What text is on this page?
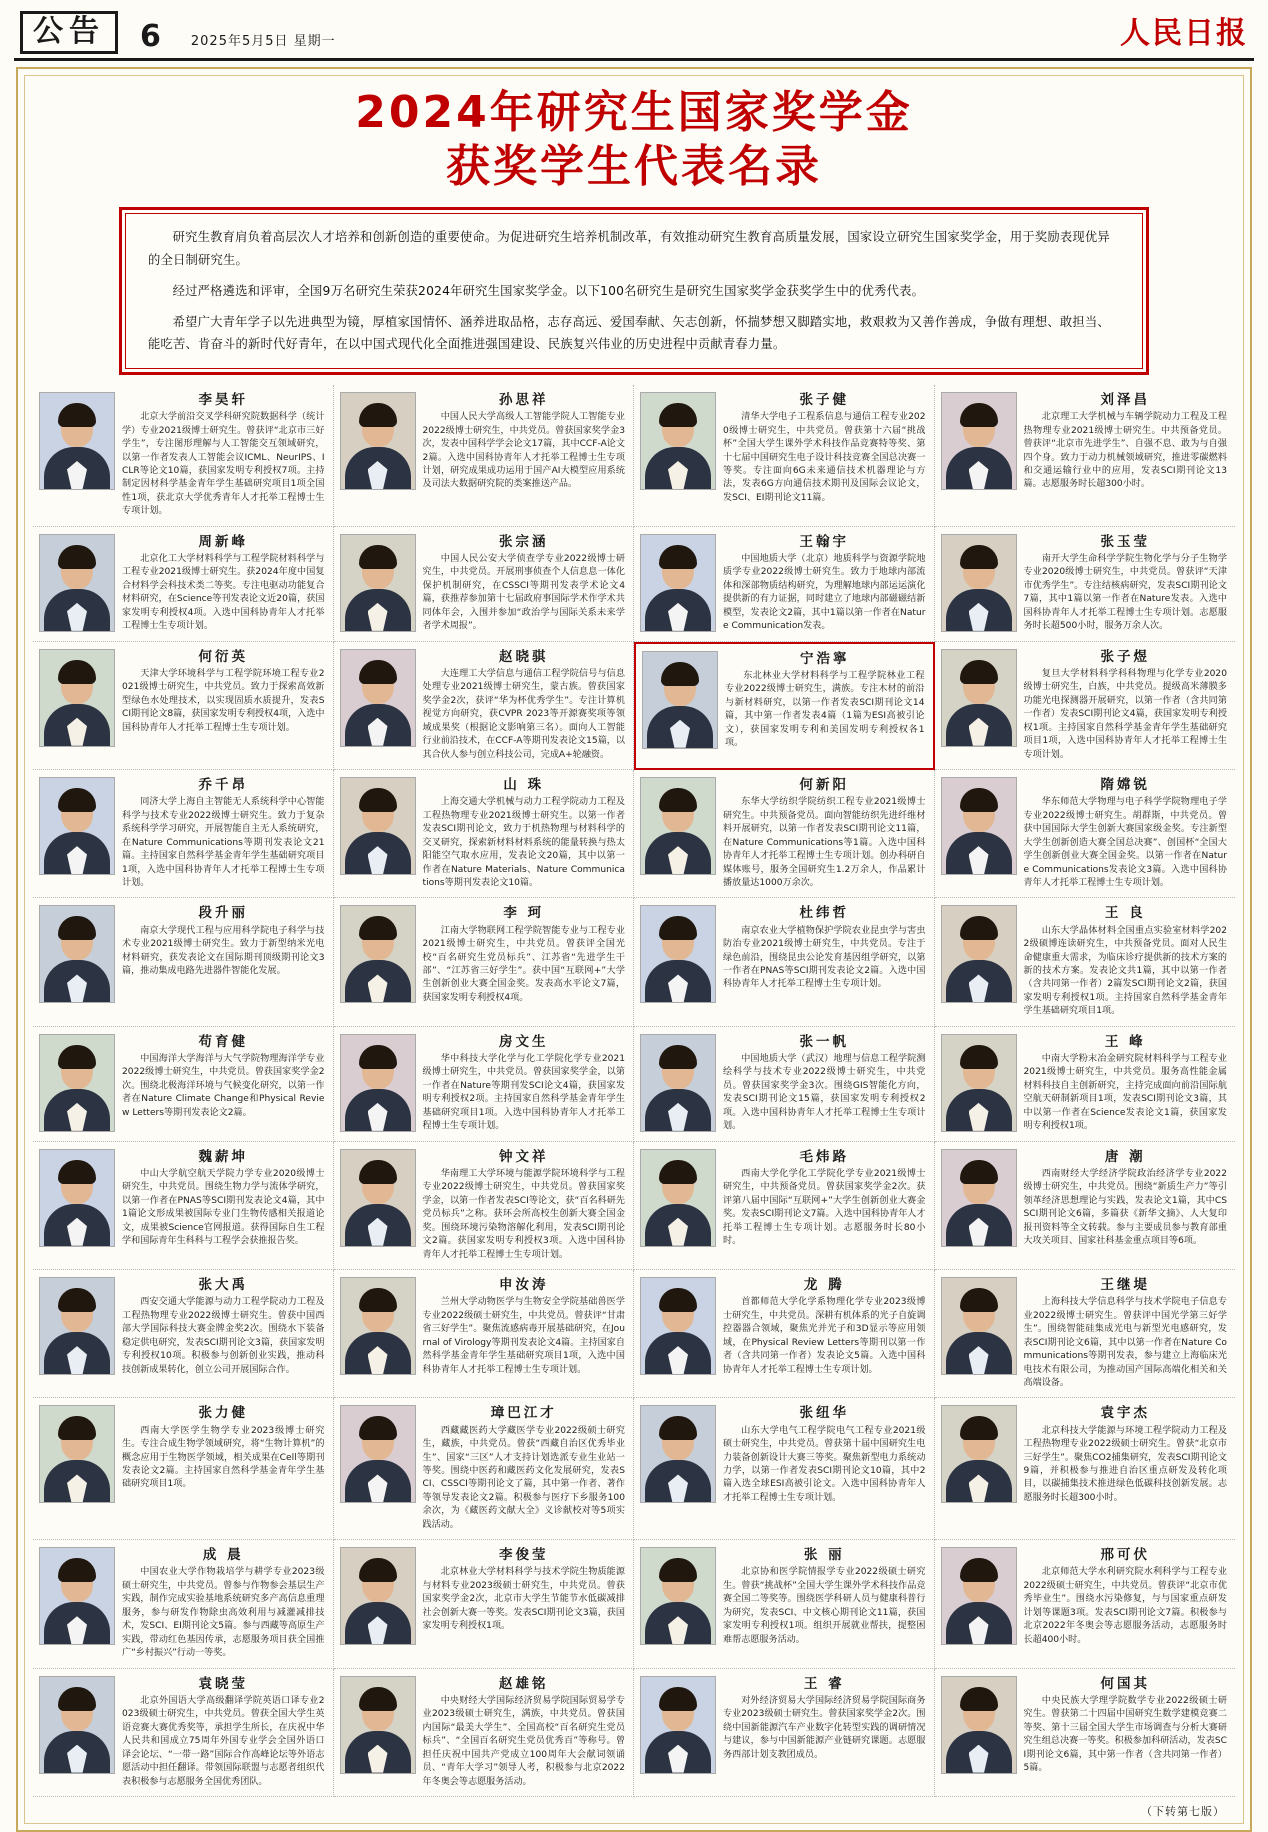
公告	6 2025年5月5日 星期一	人民日报
2024年研究生国家奖学金
获奖学生代表名录

研究生教育肩负着高层次人才培养和创新创造的重要使命。为促进研究生培养机制改革，有效推动研究生教育高质量发展，国家设立研究生国家奖学金，用于奖励表现优异的全日制研究生。

经过严格遴选和评审，全国9万名研究生荣获2024年研究生国家奖学金。以下100名研究生是研究生国家奖学金获奖学生中的优秀代表。

希望广大青年学子以先进典型为镜，厚植家国情怀、涵养进取品格，志存高远、爱国奉献、矢志创新，怀揣梦想又脚踏实地，救艰救为又善作善成，争做有理想、敢担当、能吃苦、肯奋斗的新时代好青年，在以中国式现代化全面推进强国建设、民族复兴伟业的历史进程中贡献青春力量。

李昊轩
北京大学前沿交叉学科研究院数据科学（统计学）专业2021级博士研究生。曾获评“北京市三好学生”，专注图形理解与人工智能交互领域研究，以第一作者发表人工智能会议ICML、NeurIPS、ICLR等论文10篇，获国家发明专利授权7项。主持制定因材科学基金青年学生基础研究项目1项全国性1项，获北京大学优秀青年人才托举工程博士生专项计划。
孙思祥
中国人民大学高级人工智能学院人工智能专业2022级博士研究生，中共党员。曾获国家奖学金3次，发表中国科学学会论文17篇，其中CCF-A论文2篇。入选中国科协青年人才托举工程博士生专项计划，研究成果成功运用于国产AI大模型应用系统及司法大数据研究院的类案推送产品。
张子健
清华大学电子工程系信息与通信工程专业2020级博士研究生，中共党员。曾获第十六届“挑战杯”全国大学生课外学术科技作品竞赛特等奖、第十七届中国研究生电子设计科技竞赛全国总决赛一等奖。专注面向6G未来通信技术机器理论与方法，发表6G方向通信技术期刊及国际会议论文，发SCI、EI期刊论文11篇。
刘泽昌
北京理工大学机械与车辆学院动力工程及工程热物理专业2021级博士研究生。中共预备党员。曾获评“北京市先进学生”、自强不息、敢为与自强四个身。致力于动力机械领域研究，推进零碳燃料和交通运输行业中的应用，发表SCI期刊论文13篇。志愿服务时长超300小时。
周新峰
北京化工大学材料科学与工程学院材料科学与工程专业2021级博士研究生。获2024年度中国复合材料学会科技术类二等奖。专注电驱动功能复合材料研究，在Science等刊发表论文近20篇，获国家发明专利授权4项。入选中国科协青年人才托举工程博士生专项计划。
张宗涵
中国人民公安大学侦查学专业2022级博士研究生，中共党员。开展刑事侦查个人信息息一体化保护机制研究，在CSSCI等期刊发表学术论文4篇，获推荐参加第十七届政府事国际学术作学术共同体年会，入围并参加“政治学与国际关系未来学者学术周报”。
王翰宇
中国地质大学（北京）地质科学与资源学院地质学专业2022级博士研究生。致力于地球内部流体和深部物质结构研究，为理解地球内部运运演化提供新的有力证据，同时建立了地球内部磁磁结新模型，发表论文2篇，其中1篇以第一作者在Nature Communication发表。
张玉莹
南开大学生命科学学院生物化学与分子生物学专业2020级博士研究生，中共党员。曾获评“天津市优秀学生”。专注结核病研究，发表SCI期刊论文7篇，其中1篇以第一作者在Nature发表。入选中国科协青年人才托举工程博士生专项计划。志愿服务时长超500小时，服务万余人次。
何衍英
天津大学环境科学与工程学院环境工程专业2021级博士研究生，中共党员。致力于探索高效新型绿色水处理技术，以实现固质水质提升，发表SCI期刊论文8篇，获国家发明专利授权4项，入选中国科协青年人才托举工程博士生专项计划。
赵晓骐
大连理工大学信息与通信工程学院信号与信息处理专业2021级博士研究生，蒙古族。曾获国家奖学金2次，获评“华为杯优秀学生”。专注计算机视觉方向研究，获CVPR 2023等开源赛奖项等领域成果奖（根据论文影响第三名）。面向人工智能行业前沿技术，在CCF-A等期刊发表论文15篇，以其合伙人参与创立科技公司，完成A+轮融资。
宁浩寧
东北林业大学材料科学与工程学院林业工程专业2022级博士研究生，满族。专注木材的前沿与新材料研究，以第一作者发表SCI期刊论文14篇，其中第一作者发表4篇（1篇为ESI高被引论文），获国家发明专利和美国发明专利授权各1项。
张子煜
复旦大学材料科学科科物理与化学专业2020级博士研究生，白族，中共党员。提级高米薄膜多功能光电探测器开展研究，以第一作者（含共同第一作者）发表SCI期刊论文4篇，获国家发明专利授权1项。主持国家自然科学基金青年学生基础研究项目1项，入选中国科协青年人才托举工程博士生专项计划。
乔千昂
同济大学上海自主智能无人系统科学中心智能科学与技术专业2022级博士研究生。致力于复杂系统科学学习研究，开展智能自主无人系统研究，在Nature Communications等期刊发表论文21篇。主持国家自然科学基金青年学生基础研究项目1项，入选中国科协青年人才托举工程博士生专项计划。
山 珠
上海交通大学机械与动力工程学院动力工程及工程热物理专业2021级博士研究生。以第一作者发表SCI期刊论文，致力于机热物理与材料科学的交叉研究，探索新材料材料系统的能量转换与热太阳能空气取水应用，发表论文20篇，其中以第一作者在Nature Materials、Nature Communications等期刊发表论文10篇。
何新阳
东华大学纺织学院纺织工程专业2021级博士研究生。中共预备党员。面向智能纺织先进纤维材料开展研究，以第一作者发表SCI期刊论文11篇，在Nature Communications等1篇。入选中国科协青年人才托举工程博士生专项计划。创办科研自媒体账号，服务全国研究生1.2万余人，作品累计播放量达1000万余次。
隋嫦锐
华东师范大学物理与电子科学学院物理电子学专业2022级博士研究生。胡群斯，中共党员。曾获中国国际大学生创新大赛国家级金奖。专注新型大学生创新创造大赛全国总决赛”、创国杯“全国大学生创新创业大赛全国金奖。以第一作者在Nature Communications发表论文3篇。入选中国科协青年人才托举工程博士生专项计划。
段升丽
南京大学现代工程与应用科学院电子科学与技术专业2021级博士研究生。致力于新型纳米光电材料研究，获发表论文在国际期刊顶级期刊论文3篇，推动集成电路先进器件智能化发展。
李 珂
江南大学物联网工程学院智能专业与工程专业2021级博士研究生，中共党员。曾获评全国光校“百名研究生党员标兵”、江苏省“先进学生干部”、“江苏省三好学生”。获中国“互联网+”大学生创新创业大赛全国金奖。发表高水平论文7篇，获国家发明专利授权4项。
杜纬哲
南京农业大学植物保护学院农业昆虫学与害虫防治专业2021级博士研究生，中共党员。专注于绿色前沿，围绕昆虫公论发育基因组学研究，以第一作者在PNAS等SCI期刊发表论文2篇。入选中国科协青年人才托举工程博士生专项计划。
王 良
山东大学晶体材料全国重点实验室材料学2022级硕博连读研究生，中共预备党员。面对人民生命健康重大需求，为临床诊疗提供新的技术方案的新的技术方案。发表论文共1篇，其中以第一作者（含共同第一作者）2篇发SCI期刊论文2篇，获国家发明专利授权1项。主持国家自然科学基金青年学生基础研究项目1项。
苟育健
中国海洋大学海洋与大气学院物理海洋学专业2022级博士研究生，中共党员。曾获国家奖学金2次。围绕北极海洋环境与气候变化研究，以第一作者在Nature Climate Change和Physical Review Letters等期刊发表论文2篇。
房文生
华中科技大学化学与化工学院化学专业2021级博士研究生，中共党员。曾获国家奖学金，以第一作者在Nature等期刊发SCI论文4篇，获国家发明专利授权2项。主持国家自然科学基金青年学生基础研究项目1项。入选中国科协青年人才托举工程博士生专项计划。
张一帆
中国地质大学（武汉）地理与信息工程学院测绘科学与技术专业2022级博士研究生，中共党员。曾获国家奖学金3次。围绕GIS智能化方向，发表SCI期刊论文15篇，获国家发明专利授权2项。入选中国科协青年人才托举工程博士生专项计划。
王 峰
中南大学粉末冶金研究院材料科学与工程专业2021级博士研究生，中共党员。服务高性能金属材料科技自主创新研究，主持完成面向前沿国际航空航天研制新项目1项，发表SCI期刊论文3篇，其中以第一作者在Science发表论文1篇，获国家发明专利授权1项。
魏薪坤
中山大学航空航天学院力学专业2020级博士研究生，中共党员。围绕生物力学与流体学研究，以第一作者在PNAS等SCI期刊发表论文4篇，其中1篇论文形成果被国际专业门生物传感相关报道论文，成果被Science官网报道。获得国际自生工程学和国际青年生科科与工程学会获推报告奖。
钟文祥
华南理工大学环境与能源学院环境科学与工程专业2022级博士研究生，中共党员。曾获国家奖学金，以第一作者发表SCI等论文，获“百名科研先党员标兵”之称。获环会所高校生创新大赛全国金奖。围绕环境污染物溶解化利用，发表SCI期刊论文2篇。获国家发明专利授权3项。入选中国科协青年人才托举工程博士生专项计划。
毛炜路
西南大学化学化工学院化学专业2021级博士研究生，中共预备党员。曾获国家奖学金2次。获评第八届中国际“互联网+”大学生创新创业大赛金奖。发表SCI期刊论文7篇。入选中国科协青年人才托举工程博士生专项计划。志愿服务时长80小时。
唐 潮
西南财经大学经济学院政治经济学专业2022级博士研究生，中共党员。围绕“新质生产力”等引领革经济思想理论与实践，发表论文1篇，其中CSSCI期刊论文6篇，多篇获《新华文摘》、人大复印报刊资料等全文转载。参与主要成员参与教育部重大攻关项目、国家社科基金重点项目等6项。
张大禹
西安交通大学能源与动力工程学院动力工程及工程热物理专业2022级博士研究生。曾获中国西部大学国际科技大赛金牌金奖2次。围绕水下装备稳定供电研究，发表SCI期刊论文3篇，获国家发明专利授权10项。积极参与创新创业实践，推动科技创新成果转化，创立公司开展国际合作。
申汝涛
兰州大学动物医学与生物安全学院基础兽医学专业2022级硕士研究生，中共党员。曾获评“甘肃省三好学生”。聚焦流感病毒开展基础研究，在Journal of Virology等期刊发表论文4篇。主持国家自然科学基金青年学生基础研究项目1项，入选中国科协青年人才托举工程博士生专项计划。
龙 腾
首都师范大学化学系物理化学专业2023级博士研究生，中共党员。深耕有机体系的光子自旋调控器器合领域，聚焦光并光子和3D显示等应用领域，在Physical Review Letters等期刊以第一作者（含共同第一作者）发表论文5篇。入选中国科协青年人才托举工程博士生专项计划。
王继堤
上海科技大学信息科学与技术学院电子信息专业2022级博士研究生。曾获评中国光学第三好学生”。围绕智能硅集成光电与新型光电感研究，发表SCI期刊论文6篇，其中以第一作者在Nature Communications等期刊发表，参与建立上海临床光电技术有限公司，为推动国产国际高端化相关和关高端设备。
张力健
西南大学医学生物学专业2023级博士研究生。专注合成生物学领域研究，将“生物计算机”的概念应用于生物医学领域，相关成果在Cell等期刊发表论文2篇。主持国家自然科学基金青年学生基础研究项目1项。
璋巴江才
西藏藏医药大学藏医学专业2022级硕士研究生，藏族，中共党员。曾获“西藏自治区优秀毕业生”、国家“三区”人才支持计划选派专业生业站一等奖。围绕中医药和藏医药文化发展研究，发表SCI、CSSCI等期刊论文了篇，其中第一作者、著作等领导发表论文2篇。积极参与医疗下乡服务100余次，为《藏医药文献大全》义诊献校对等5项实践活动。
张纽华
山东大学电气工程学院电气工程专业2021级硕士研究生，中共党员。曾获第十届中国研究生电力装备创新设计大赛三等奖。聚焦新型电力系统动力学，以第一作者发表SCI期刊论文10篇，其中2篇入选全球ESI高被引论文。入选中国科协青年人才托举工程博士生专项计划。
袁宇杰
北京科技大学能源与环境工程学院动力工程及工程热物理专业2022级硕士研究生。曾获“北京市三好学生”。聚焦CO2捕集研究，发表SCI期刊论文9篇，并积极参与推进自治区重点研发及转化项目，以碳捕集技术推进绿色低碳科技创新发展。志愿服务时长超300小时。
成 晨
中国农业大学作物栽培学与耕学专业2023级硕士研究生，中共党员。曾参与作物参会基层生产实践，制作完成实验基地系统研究多产高信息重理服务，参与研发作物除虫高效利用与减灌减排技术，发SCI、EI期刊论文5篇。参与西藏等高原生产实践，带动红色基因传承，志愿服务项目获全国推广“乡村振兴”行动一等奖。
李俊莹
北京林业大学材料科学与技术学院生物质能源与材料专业2023级硕士研究生，中共党员。曾获国家奖学金2次，北京市大学生节能节水低碳减排社会创新大赛一等奖。发表SCI期刊论文3篇，获国家发明专利授权1项。
张 丽
北京协和医学院情报学专业2022级硕士研究生。曾获“挑战杯”全国大学生课外学术科技作品竞赛全国二等奖等。围绕医学科研人员与健康科普行为研究，发表SCI、中文核心期刊论文11篇，获国家发明专利授权1项。组织开展就业帮扶，提整困难帮志愿服务活动。
邢可伏
北京师范大学水利研究院水利科学与工程专业2022级硕士研究生，中共党员。曾获评“北京市优秀毕业生”。围绕水污染修复，与与国家重点研发计划等课题3项。发表SCI期刊论文7篇。积极参与北京2022年冬奥会等志愿服务活动，志愿服务时长超400小时。
袁晓莹
北京外国语大学高级翻译学院英语口译专业2023级硕士研究生，中共党员。曾获全国大学生英语竞赛大赛优秀奖等，承担学生所长，在庆祝中华人民共和国成立75周年外国专业学会全国外语口译会论坛、“一带一路”国际合作高峰论坛等外语志愿活动中担任翻译。带领国际联盟与志愿者组织代表积极参与志愿服务全国优秀团队。
赵雄铭
中央财经大学国际经济贸易学院国际贸易学专业2023级硕士研究生，满族，中共党员。曾获国内国际“最美大学生”、全国高校“百名研究生党员标兵”、“全国百名研究生党员优秀百”等称号。曾担任庆祝中国共产党成立100周年大会献词领诵员、“青年大学习”领导人考，积极参与北京2022年冬奥会等志愿服务活动。
王 睿
对外经济贸易大学国际经济贸易学院国际商务专业2023级硕士研究生。曾获国家奖学金2次。围绕中国新能源汽车产业数字化转型实践的调研情况与建议，参与中国新能源产业链研究课题。志愿服务西部计划支教团成员。
何国其
中央民族大学理学院数学专业2022级硕士研究生。曾获第二十四届中国研究生数学建模竞赛二等奖、第十三届全国大学生市场调查与分析大赛研究生组总决赛一等奖。积极参加科研活动，发表SCI期刊论文6篇，其中第一作者（含共同第一作者）5篇。
（下转第七版）
